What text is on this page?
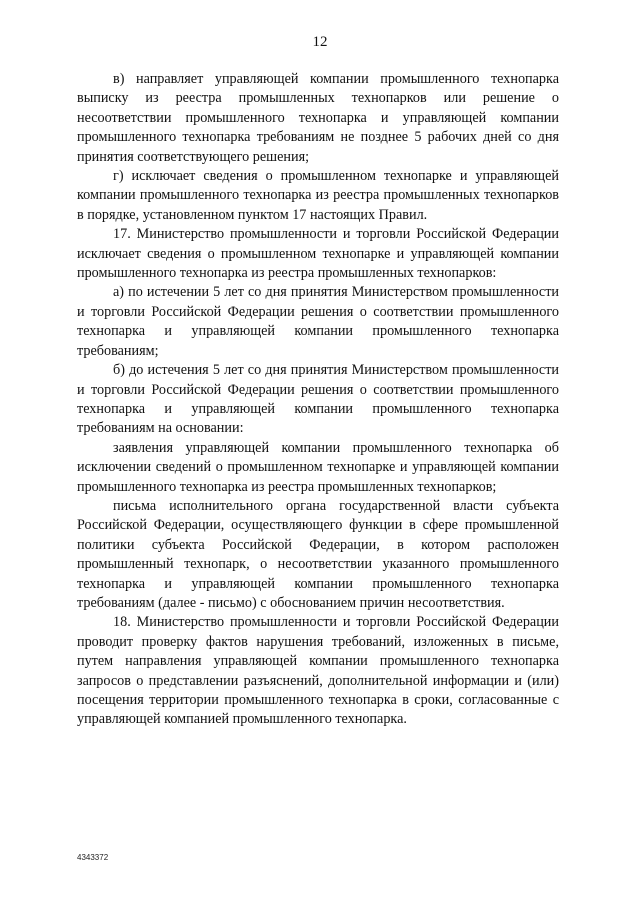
12

в) направляет управляющей компании промышленного технопарка выписку из реестра промышленных технопарков или решение о несоответствии промышленного технопарка и управляющей компании промышленного технопарка требованиям не позднее 5 рабочих дней со дня принятия соответствующего решения;

г) исключает сведения о промышленном технопарке и управляющей компании промышленного технопарка из реестра промышленных технопарков в порядке, установленном пунктом 17 настоящих Правил.

17. Министерство промышленности и торговли Российской Федерации исключает сведения о промышленном технопарке и управляющей компании промышленного технопарка из реестра промышленных технопарков:

а) по истечении 5 лет со дня принятия Министерством промышленности и торговли Российской Федерации решения о соответствии промышленного технопарка и управляющей компании промышленного технопарка требованиям;

б) до истечения 5 лет со дня принятия Министерством промышленности и торговли Российской Федерации решения о соответствии промышленного технопарка и управляющей компании промышленного технопарка требованиям на основании:

заявления управляющей компании промышленного технопарка об исключении сведений о промышленном технопарке и управляющей компании промышленного технопарка из реестра промышленных технопарков;

письма исполнительного органа государственной власти субъекта Российской Федерации, осуществляющего функции в сфере промышленной политики субъекта Российской Федерации, в котором расположен промышленный технопарк, о несоответствии указанного промышленного технопарка и управляющей компании промышленного технопарка требованиям (далее - письмо) с обоснованием причин несоответствия.

18. Министерство промышленности и торговли Российской Федерации проводит проверку фактов нарушения требований, изложенных в письме, путем направления управляющей компании промышленного технопарка запросов о представлении разъяснений, дополнительной информации и (или) посещения территории промышленного технопарка в сроки, согласованные с управляющей компанией промышленного технопарка.

4343372
